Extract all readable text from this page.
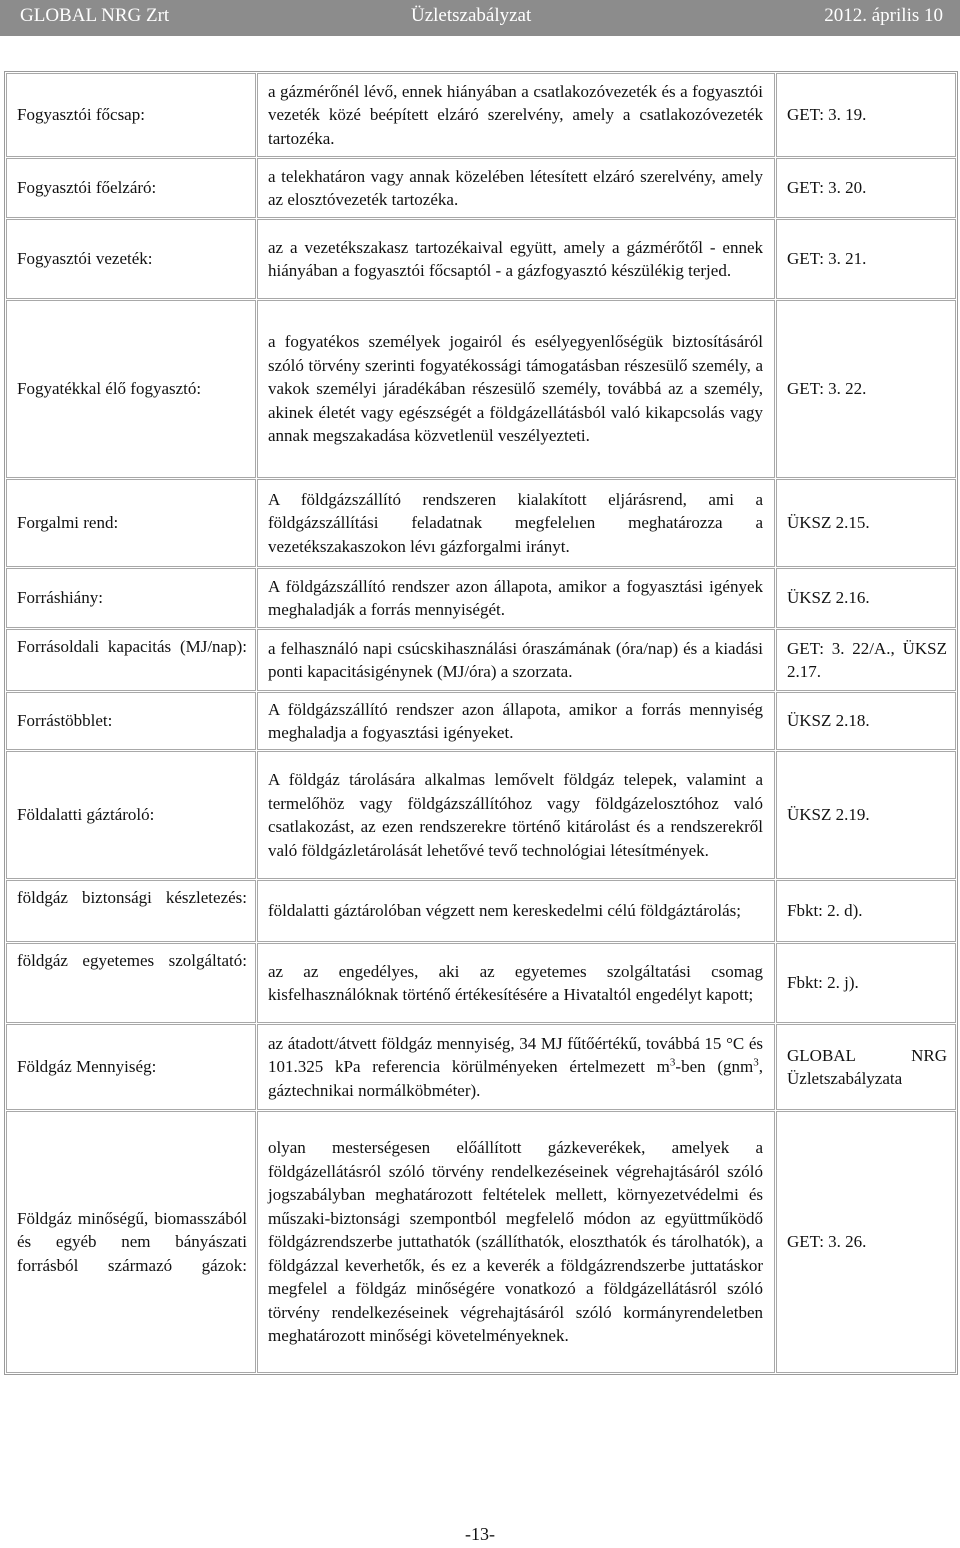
GLOBAL NRG Zrt	Üzletszabályzat	2012. április 10
Fogyasztói főcsap:	a gázmérőnél lévő, ennek hiányában a csatlakozóvezeték és a fogyasztói vezeték közé beépített elzáró szerelvény, amely a csatlakozóvezeték tartozéka.	GET: 3. 19.
Fogyasztói főelzáró:	a telekhatáron vagy annak közelében létesített elzáró szerelvény, amely az elosztóvezeték tartozéka.	GET: 3. 20.
Fogyasztói vezeték:	az a vezetékszakasz tartozékaival együtt, amely a gázmérőtől - ennek hiányában a fogyasztói főcsaptól - a gázfogyasztó készülékig terjed.	GET: 3. 21.
Fogyatékkal élő fogyasztó:	a fogyatékos személyek jogairól és esélyegyenlőségük biztosításáról szóló törvény szerinti fogyatékossági támogatásban részesülő személy, a vakok személyi járadékában részesülő személy, továbbá az a személy, akinek életét vagy egészségét a földgázellátásból való kikapcsolás vagy annak megszakadása közvetlenül veszélyezteti.	GET: 3. 22.
Forgalmi rend:	A földgázszállító rendszeren kialakított eljárásrend, ami a földgázszállítási feladatnak megfelelıen meghatározza a vezetékszakaszokon lévı gázforgalmi irányt.	ÜKSZ 2.15.
Forráshiány:	A földgázszállító rendszer azon állapota, amikor a fogyasztási igények meghaladják a forrás mennyiségét.	ÜKSZ 2.16.

Forrásoldali kapacitás (MJ/nap):	a felhasználó napi csúcskihasználási óraszámának (óra/nap) és a kiadási ponti kapacitásigénynek (MJ/óra) a szorzata.	GET: 3. 22/A., ÜKSZ 2.17.

Forrástöbblet:	A földgázszállító rendszer azon állapota, amikor a forrás mennyiség meghaladja a fogyasztási igényeket.	ÜKSZ 2.18.
Földalatti gáztároló:	A földgáz tárolására alkalmas lemővelt földgáz telepek, valamint a termelőhöz vagy földgázszállítóhoz vagy földgázelosztóhoz való csatlakozást, az ezen rendszerekre történő kitárolást és a rendszerekről való földgázletárolását lehetővé tevő technológiai létesítmények.	ÜKSZ 2.19.

földgáz biztonsági készletezés:	földalatti gáztárolóban végzett nem kereskedelmi célú földgáztárolás;	Fbkt: 2. d).

földgáz egyetemes szolgáltató:	az az engedélyes, aki az egyetemes szolgáltatási csomag kisfelhasználóknak történő értékesítésére a Hivataltól engedélyt kapott;	Fbkt: 2. j).
Földgáz Mennyiség:	az átadott/átvett földgáz mennyiség, 34 MJ fűtőértékű, továbbá 15 °C és 101.325 kPa referencia körülményeken értelmezett $m^3$-ben (gnm$^3$, gáztechnikai normálköbméter).	GLOBAL NRG Üzletszabályzata

Földgáz minőségű, biomasszából és egyéb nem bányászati forrásból származó gázok:	olyan mesterségesen előállított gázkeverékek, amelyek a földgázellátásról szóló törvény rendelkezéseinek végrehajtásáról szóló jogszabályban meghatározott feltételek mellett, környezetvédelmi és műszaki-biztonsági szempontból megfelelő módon az együttműködő földgázrendszerbe juttathatók (szállíthatók, eloszthatók és tárolhatók), a földgázzal keverhetők, és ez a keverék a földgázrendszerbe juttatáskor megfelel a földgáz minőségére vonatkozó a földgázellátásról szóló törvény rendelkezéseinek végrehajtásáról szóló kormányrendeletben meghatározott minőségi követelményeknek.	GET: 3. 26.
-13-
